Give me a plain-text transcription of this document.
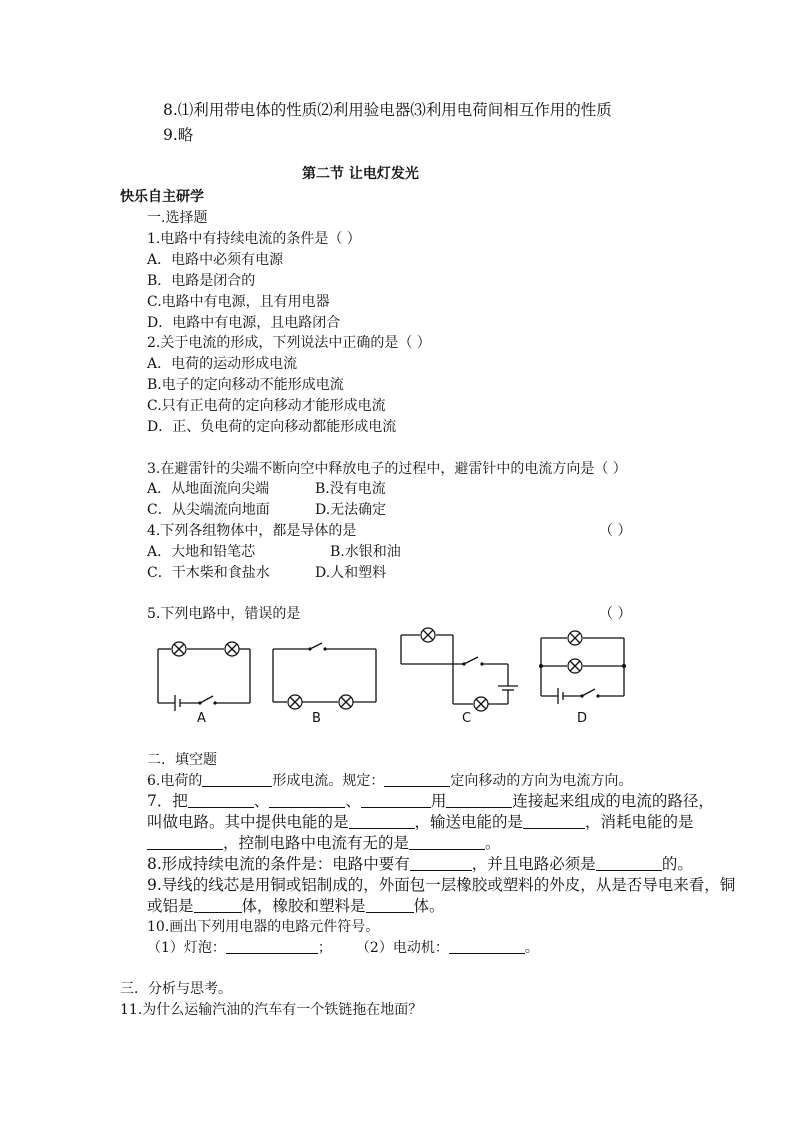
8.⑴利用带电体的性质⑵利用验电器⑶利用电荷间相互作用的性质
9.略
第二节 让电灯发光
快乐自主研学
一.选择题
1.电路中有持续电流的条件是（ ）
A．电路中必须有电源
B．电路是闭合的
C.电路中有电源，且有用电器
D．电路中有电源，且电路闭合
2.关于电流的形成，下列说法中正确的是（ ）
A．电荷的运动形成电流
B.电子的定向移动不能形成电流
C.只有正电荷的定向移动才能形成电流
D．正、负电荷的定向移动都能形成电流
3.在避雷针的尖端不断向空中释放电子的过程中，避雷针中的电流方向是（ ）
A．从地面流向尖端	B.没有电流
C．从尖端流向地面	D.无法确定
4.下列各组物体中，都是导体的是	（ ）
A．大地和铅笔芯	B.水银和油
C．干木柴和食盐水	D.人和塑料
5.下列电路中，错误的是	（ ）
A	B	C	D
二．填空题
6.电荷的	形成电流。规定：	定向移动的方向为电流方向。
7．把	、	、	用	连接起来组成的电流的路径，
叫做电路。其中提供电能的是	，输送电能的是	，消耗电能的是
，控制电路中电流有无的是	。
8.形成持续电流的条件是：电路中要有	，并且电路必须是	的。
9.导线的线芯是用铜或铝制成的，外面包一层橡胶或塑料的外皮，从是否导电来看，铜
或铝是	体，橡胶和塑料是	体。
10.画出下列用电器的电路元件符号。
（1）灯泡：	； （2）电动机：	。
三．分析与思考。
11.为什么运输汽油的汽车有一个铁链拖在地面？
